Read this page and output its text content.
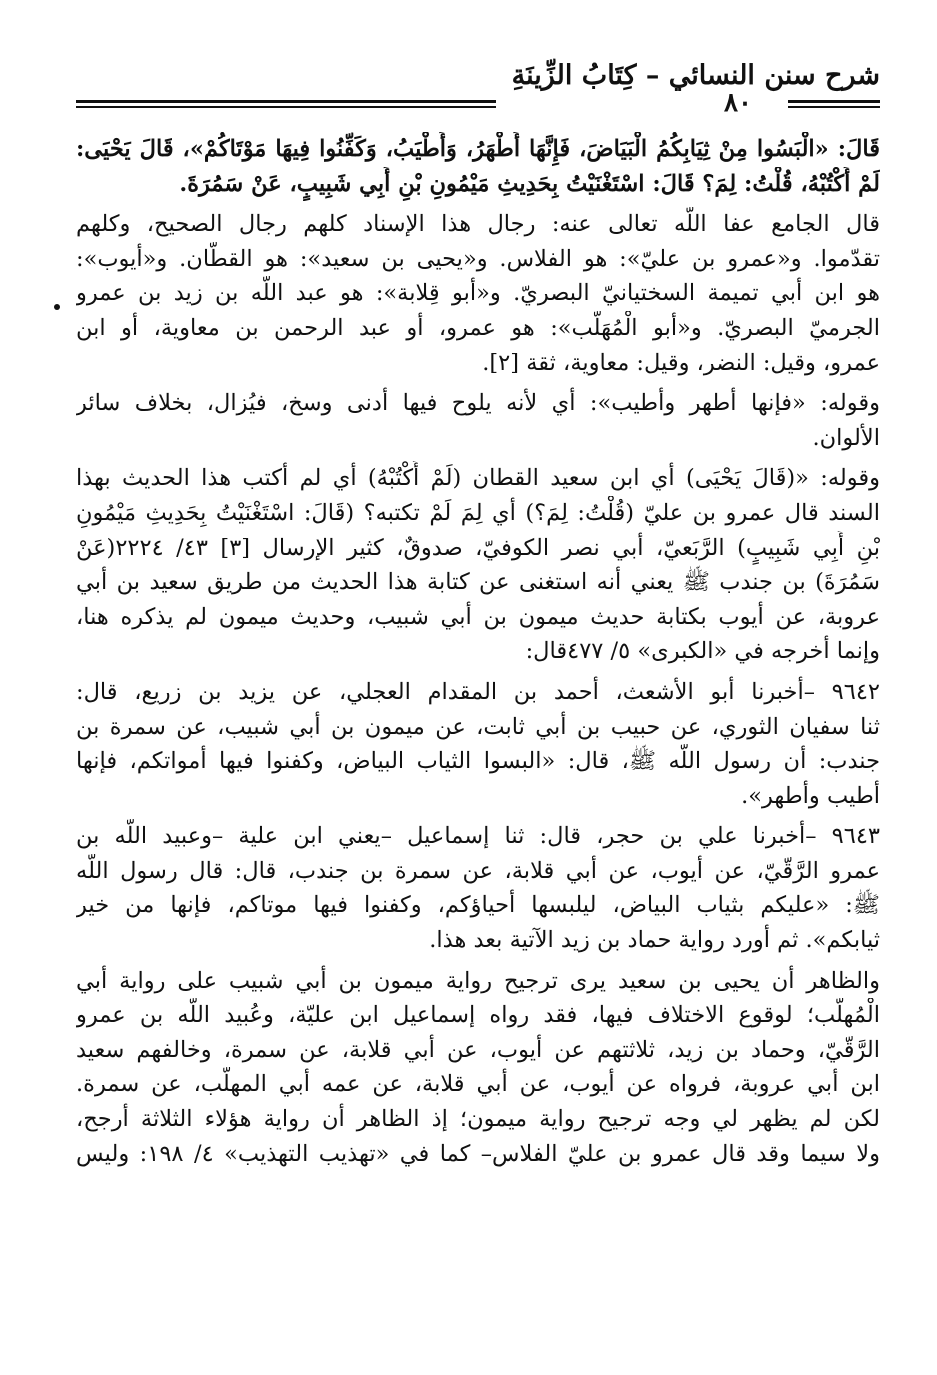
شرح سنن النسائي – كِتَابُ الزِّينَةِ
٨٠
قَالَ: «الْبَسُوا مِنْ ثِيَابِكُمُ الْبَيَاضَ، فَإِنَّهَا أَطْهَرُ، وَأَطْيَبُ، وَكَفِّنُوا فِيهَا مَوْتَاكُمْ»، قَالَ يَحْيَى:
لَمْ أَكْتُبْهُ، قُلْتُ: لِمَ؟ قَالَ: اسْتَغْنَيْتُ بِحَدِيثِ مَيْمُونِ بْنِ أَبِي شَبِيبٍ، عَنْ سَمُرَةَ.
قال الجامع عفا اللَّه تعالى عنه: رجال هذا الإسناد كلهم رجال الصحيح، وكلهم
تقدّموا. و«عمرو بن عليّ»: هو الفلاس. و«يحيى بن سعيد»: هو القطّان. و«أيوب»:
هو ابن أبي تميمة السختيانيّ البصريّ. و«أبو قِلابة»: هو عبد اللَّه بن زيد بن عمرو
الجرميّ البصريّ. و«أبو الْمُهَلَّب»: هو عمرو، أو عبد الرحمن بن معاوية، أو ابن
عمرو، وقيل: النضر، وقيل: معاوية، ثقة [٢].
وقوله: «فإنها أطهر وأطيب»: أي لأنه يلوح فيها أدنى وسخ، فيُزال، بخلاف سائر
الألوان.
وقوله: «(قَالَ يَحْيَى) أي ابن سعيد القطان (لَمْ أَكْتُبْهُ) أي لم أكتب هذا الحديث بهذا
السند قال عمرو بن عليّ (قُلْتُ: لِمَ؟) أي لِمَ لَمْ تكتبه؟ (قَالَ: اسْتَغْنَيْتُ بِحَدِيثِ مَيْمُونِ
بْنِ أَبِي شَبِيبٍ) الرَّبَعيّ، أبي نصر الكوفيّ، صدوقٌ، كثير الإرسال [٣] ٤٣/ ٢٢٢٤(عَنْ
سَمُرَةَ) بن جندب ﷺ يعني أنه استغنى عن كتابة هذا الحديث من طريق سعيد بن أبي
عروبة، عن أيوب بكتابة حديث ميمون بن أبي شبيب، وحديث ميمون لم يذكره هنا،
وإنما أخرجه في «الكبرى» ٥/ ٤٧٧قال:
٩٦٤٢ –أخبرنا أبو الأشعث، أحمد بن المقدام العجلي، عن يزيد بن زريع، قال:
ثنا سفيان الثوري، عن حبيب بن أبي ثابت، عن ميمون بن أبي شبيب، عن سمرة بن
جندب: أن رسول اللَّه ﷺ، قال: «البسوا الثياب البياض، وكفنوا فيها أمواتكم، فإنها
أطيب وأطهر».
٩٦٤٣ –أخبرنا علي بن حجر، قال: ثنا إسماعيل –يعني ابن علية –وعبيد اللَّه بن
عمرو الرَّقّيّ، عن أيوب، عن أبي قلابة، عن سمرة بن جندب، قال: قال رسول اللَّه
ﷺ: «عليكم بثياب البياض، ليلبسها أحياؤكم، وكفنوا فيها موتاكم، فإنها من خير
ثيابكم». ثم أورد رواية حماد بن زيد الآتية بعد هذا.
والظاهر أن يحيى بن سعيد يرى ترجيح رواية ميمون بن أبي شبيب على رواية أبي
الْمُهلّب؛ لوقوع الاختلاف فيها، فقد رواه إسماعيل ابن عليّة، وعُبيد اللَّه بن عمرو
الرَّقّيّ، وحماد بن زيد، ثلاثتهم عن أيوب، عن أبي قلابة، عن سمرة، وخالفهم سعيد
ابن أبي عروبة، فرواه عن أيوب، عن أبي قلابة، عن عمه أبي المهلّب، عن سمرة.
لكن لم يظهر لي وجه ترجيح رواية ميمون؛ إذ الظاهر أن رواية هؤلاء الثلاثة أرجح،
ولا سيما وقد قال عمرو بن عليّ الفلاس– كما في «تهذيب التهذيب» ٤/ ١٩٨: وليس
